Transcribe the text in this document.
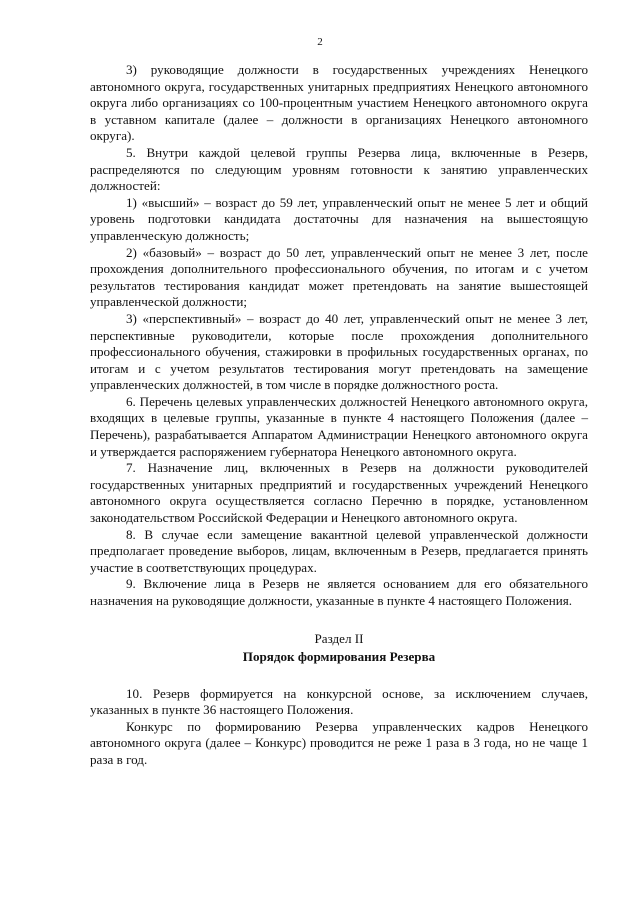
2

3) руководящие должности в государственных учреждениях Ненецкого автономного округа, государственных унитарных предприятиях Ненецкого автономного округа либо организациях со 100-процентным участием Ненецкого автономного округа в уставном капитале (далее – должности в организациях Ненецкого автономного округа).

5. Внутри каждой целевой группы Резерва лица, включенные в Резерв, распределяются по следующим уровням готовности к занятию управленческих должностей:

1) «высший» – возраст до 59 лет, управленческий опыт не менее 5 лет и общий уровень подготовки кандидата достаточны для назначения на вышестоящую управленческую должность;

2) «базовый» – возраст до 50 лет, управленческий опыт не менее 3 лет, после прохождения дополнительного профессионального обучения, по итогам и с учетом результатов тестирования кандидат может претендовать на занятие вышестоящей управленческой должности;

3) «перспективный» – возраст до 40 лет, управленческий опыт не менее 3 лет, перспективные руководители, которые после прохождения дополнительного профессионального обучения, стажировки в профильных государственных органах, по итогам и с учетом результатов тестирования могут претендовать на замещение управленческих должностей, в том числе в порядке должностного роста.

6. Перечень целевых управленческих должностей Ненецкого автономного округа, входящих в целевые группы, указанные в пункте 4 настоящего Положения (далее – Перечень), разрабатывается Аппаратом Администрации Ненецкого автономного округа и утверждается распоряжением губернатора Ненецкого автономного округа.

7. Назначение лиц, включенных в Резерв на должности руководителей государственных унитарных предприятий и государственных учреждений Ненецкого автономного округа осуществляется согласно Перечню в порядке, установленном законодательством Российской Федерации и Ненецкого автономного округа.

8. В случае если замещение вакантной целевой управленческой должности предполагает проведение выборов, лицам, включенным в Резерв, предлагается принять участие в соответствующих процедурах.

9. Включение лица в Резерв не является основанием для его обязательного назначения на руководящие должности, указанные в пункте 4 настоящего Положения.

Раздел II
Порядок формирования Резерва

10. Резерв формируется на конкурсной основе, за исключением случаев, указанных в пункте 36 настоящего Положения.

Конкурс по формированию Резерва управленческих кадров Ненецкого автономного округа (далее – Конкурс) проводится не реже 1 раза в 3 года, но не чаще 1 раза в год.
